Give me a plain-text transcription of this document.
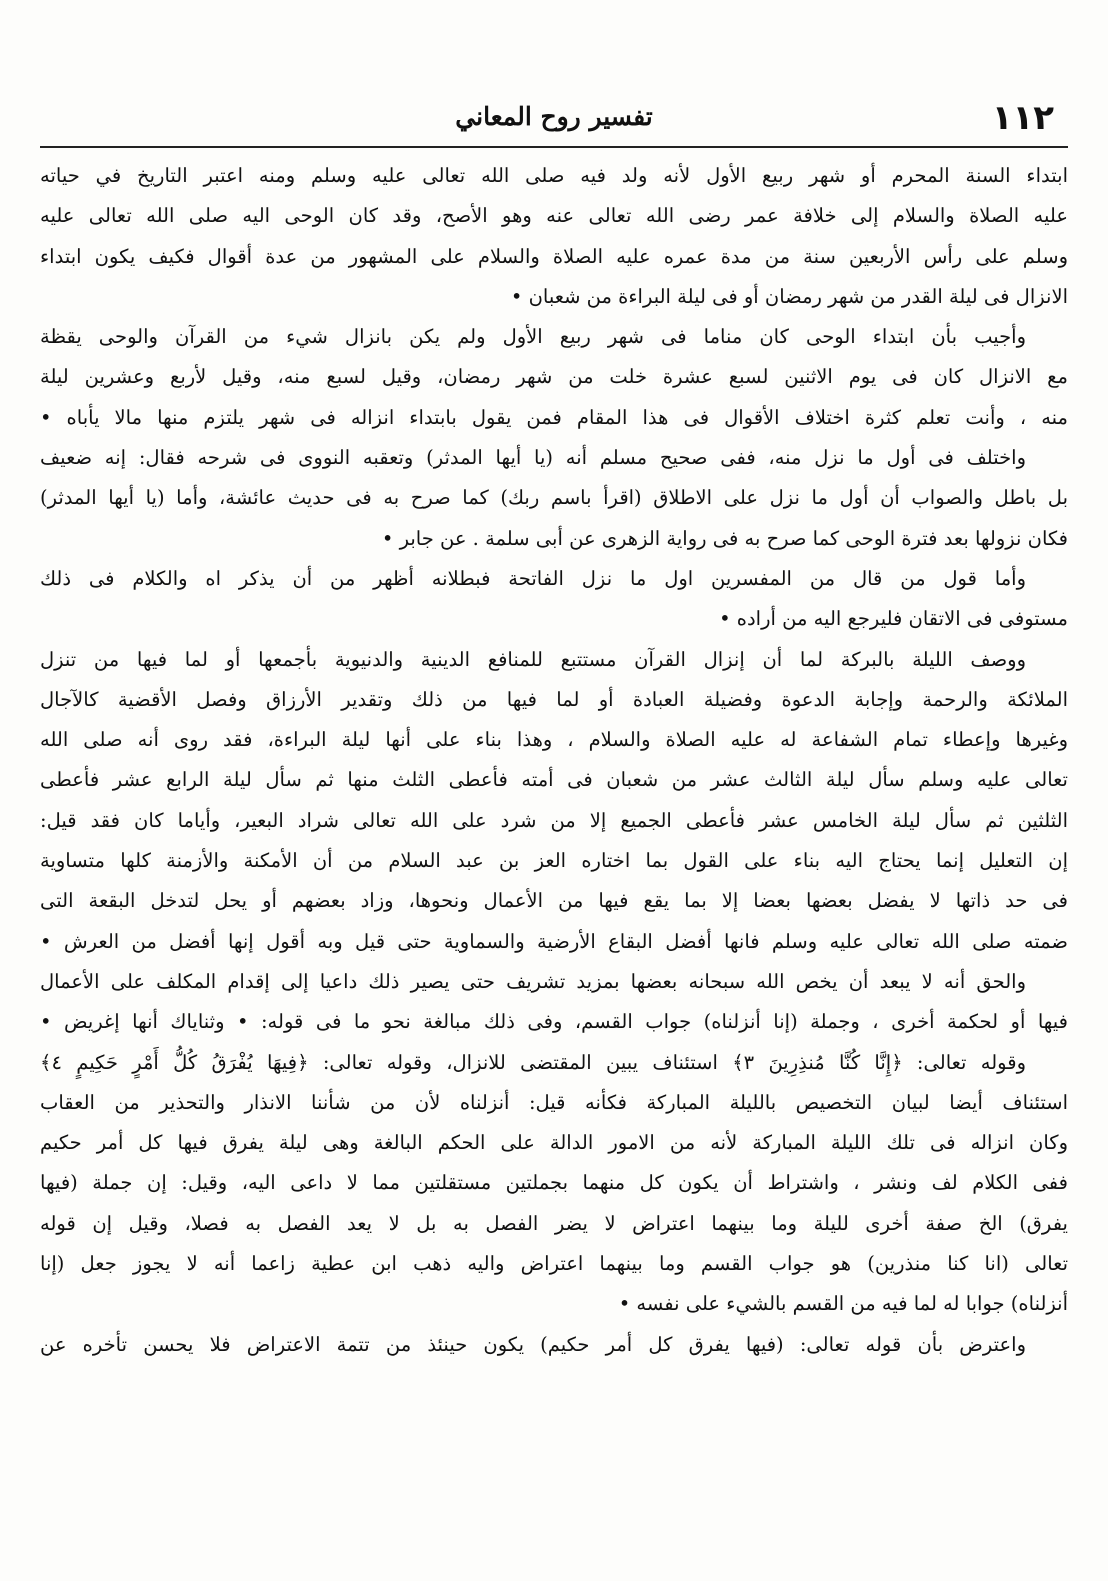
١١٢
تفسير روح المعاني
ابتداء السنة المحرم أو شهر ربيع الأول لأنه ولد فيه صلى الله تعالى عليه وسلم ومنه اعتبر التاريخ في حياته
عليه الصلاة والسلام إلى خلافة عمر رضى الله تعالى عنه وهو الأصح، وقد كان الوحى اليه صلى الله تعالى عليه
وسلم على رأس الأربعين سنة من مدة عمره عليه الصلاة والسلام على المشهور من عدة أقوال فكيف يكون ابتداء
الانزال فى ليلة القدر من شهر رمضان أو فى ليلة البراءة من شعبان •
وأجيب بأن ابتداء الوحى كان مناما فى شهر ربيع الأول ولم يكن بانزال شيء من القرآن والوحى يقظة
مع الانزال كان فى يوم الاثنين لسبع عشرة خلت من شهر رمضان، وقيل لسبع منه، وقيل لأربع وعشرين ليلة
منه ، وأنت تعلم كثرة اختلاف الأقوال فى هذا المقام فمن يقول بابتداء انزاله فى شهر يلتزم منها مالا يأباه •
واختلف فى أول ما نزل منه، ففى صحيح مسلم أنه (يا أيها المدثر) وتعقبه النووى فى شرحه فقال: إنه ضعيف
بل باطل والصواب أن أول ما نزل على الاطلاق (اقرأ باسم ربك) كما صرح به فى حديث عائشة، وأما (يا أيها المدثر)
فكان نزولها بعد فترة الوحى كما صرح به فى رواية الزهرى عن أبى سلمة . عن جابر •
وأما قول من قال من المفسرين اول ما نزل الفاتحة فبطلانه أظهر من أن يذكر اه والكلام فى ذلك
مستوفى فى الاتقان فليرجع اليه من أراده •
ووصف الليلة بالبركة لما أن إنزال القرآن مستتبع للمنافع الدينية والدنيوية بأجمعها أو لما فيها من تنزل
الملائكة والرحمة وإجابة الدعوة وفضيلة العبادة أو لما فيها من ذلك وتقدير الأرزاق وفصل الأقضية كالآجال
وغيرها وإعطاء تمام الشفاعة له عليه الصلاة والسلام ، وهذا بناء على أنها ليلة البراءة، فقد روى أنه صلى الله
تعالى عليه وسلم سأل ليلة الثالث عشر من شعبان فى أمته فأعطى الثلث منها ثم سأل ليلة الرابع عشر فأعطى
الثلثين ثم سأل ليلة الخامس عشر فأعطى الجميع إلا من شرد على الله تعالى شراد البعير، وأياما كان فقد قيل:
إن التعليل إنما يحتاج اليه بناء على القول بما اختاره العز بن عبد السلام من أن الأمكنة والأزمنة كلها متساوية
فى حد ذاتها لا يفضل بعضها بعضا إلا بما يقع فيها من الأعمال ونحوها، وزاد بعضهم أو يحل لتدخل البقعة التى
ضمته صلى الله تعالى عليه وسلم فانها أفضل البقاع الأرضية والسماوية حتى قيل وبه أقول إنها أفضل من العرش •
والحق أنه لا يبعد أن يخص الله سبحانه بعضها بمزيد تشريف حتى يصير ذلك داعيا إلى إقدام المكلف على الأعمال
فيها أو لحكمة أخرى ، وجملة (إنا أنزلناه) جواب القسم، وفى ذلك مبالغة نحو ما فى قوله: • وثناياك أنها إغريض •
وقوله تعالى: ﴿إِنَّا كُنَّا مُنذِرِينَ ٣﴾ استئناف يبين المقتضى للانزال، وقوله تعالى: ﴿فِيهَا يُفْرَقُ كُلُّ أَمْرٍ حَكِيمٍ ٤﴾
استئناف أيضا لبيان التخصيص بالليلة المباركة فكأنه قيل: أنزلناه لأن من شأننا الانذار والتحذير من العقاب
وكان انزاله فى تلك الليلة المباركة لأنه من الامور الدالة على الحكم البالغة وهى ليلة يفرق فيها كل أمر حكيم
ففى الكلام لف ونشر ، واشتراط أن يكون كل منهما بجملتين مستقلتين مما لا داعى اليه، وقيل: إن جملة (فيها
يفرق) الخ صفة أخرى لليلة وما بينهما اعتراض لا يضر الفصل به بل لا يعد الفصل به فصلا، وقيل إن قوله
تعالى (انا كنا منذرين) هو جواب القسم وما بينهما اعتراض واليه ذهب ابن عطية زاعما أنه لا يجوز جعل (إنا
أنزلناه) جوابا له لما فيه من القسم بالشيء على نفسه •
واعترض بأن قوله تعالى: (فيها يفرق كل أمر حكيم) يكون حينئذ من تتمة الاعتراض فلا يحسن تأخره عن
